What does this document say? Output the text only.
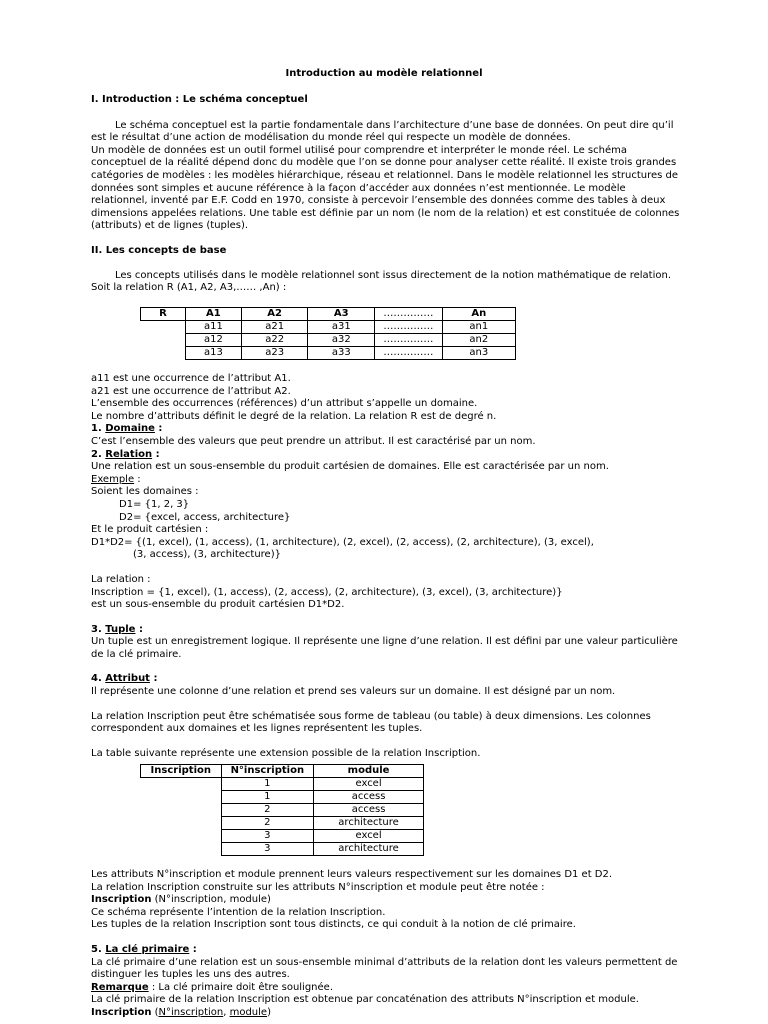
Introduction au modèle relationnel

I. Introduction : Le schéma conceptuel

Le schéma conceptuel est la partie fondamentale dans l’architecture d’une base de données. On peut dire qu’il est le résultat d’une action de modélisation du monde réel qui respecte un modèle de données.

Un modèle de données est un outil formel utilisé pour comprendre et interpréter le monde réel. Le schéma conceptuel de la réalité dépend donc du modèle que l’on se donne pour analyser cette réalité. Il existe trois grandes catégories de modèles : les modèles hiérarchique, réseau et relationnel. Dans le modèle relationnel les structures de données sont simples et aucune référence à la façon d’accéder aux données n’est mentionnée. Le modèle relationnel, inventé par E.F. Codd en 1970, consiste à percevoir l’ensemble des données comme des tables à deux dimensions appelées relations. Une table est définie par un nom (le nom de la relation) et est constituée de colonnes (attributs) et de lignes (tuples).

II. Les concepts de base

Les concepts utilisés dans le modèle relationnel sont issus directement de la notion mathématique de relation. Soit la relation R (A1, A2, A3,…… ,An) :

R	A1	A2	A3	……………	An
	a11	a21	a31	……………	an1
	a12	a22	a32	……………	an2
	a13	a23	a33	……………	an3

a11 est une occurrence de l’attribut A1.

a21 est une occurrence de l’attribut A2.

L’ensemble des occurrences (références) d’un attribut s’appelle un domaine.

Le nombre d’attributs définit le degré de la relation. La relation R est de degré n.

1. Domaine :

C’est l’ensemble des valeurs que peut prendre un attribut. Il est caractérisé par un nom.

2. Relation :

Une relation est un sous-ensemble du produit cartésien de domaines. Elle est caractérisée par un nom.

Exemple :

Soient les domaines :

D1= {1, 2, 3}

D2= {excel, access, architecture}

Et le produit cartésien :

D1*D2= {(1, excel), (1, access), (1, architecture), (2, excel), (2, access), (2, architecture), (3, excel),

(3, access), (3, architecture)}

La relation :

Inscription = {1, excel), (1, access), (2, access), (2, architecture), (3, excel), (3, architecture)}

est un sous-ensemble du produit cartésien D1*D2.

3. Tuple :

Un tuple est un enregistrement logique. Il représente une ligne d’une relation. Il est défini par une valeur particulière de la clé primaire.

4. Attribut :

Il représente une colonne d’une relation et prend ses valeurs sur un domaine. Il est désigné par un nom.

La relation Inscription peut être schématisée sous forme de tableau (ou table) à deux dimensions. Les colonnes correspondent aux domaines et les lignes représentent les tuples.

La table suivante représente une extension possible de la relation Inscription.

Inscription	N°inscription	module
	1	excel
	1	access
	2	access
	2	architecture
	3	excel
	3	architecture

Les attributs N°inscription et module prennent leurs valeurs respectivement sur les domaines D1 et D2.

La relation Inscription construite sur les attributs N°inscription et module peut être notée :

Inscription (N°inscription, module)

Ce schéma représente l’intention de la relation Inscription.

Les tuples de la relation Inscription sont tous distincts, ce qui conduit à la notion de clé primaire.

5. La clé primaire :

La clé primaire d’une relation est un sous-ensemble minimal d’attributs de la relation dont les valeurs permettent de distinguer les tuples les uns des autres.

Remarque : La clé primaire doit être soulignée.

La clé primaire de la relation Inscription est obtenue par concaténation des attributs N°inscription et module.

Inscription (N°inscription, module)
